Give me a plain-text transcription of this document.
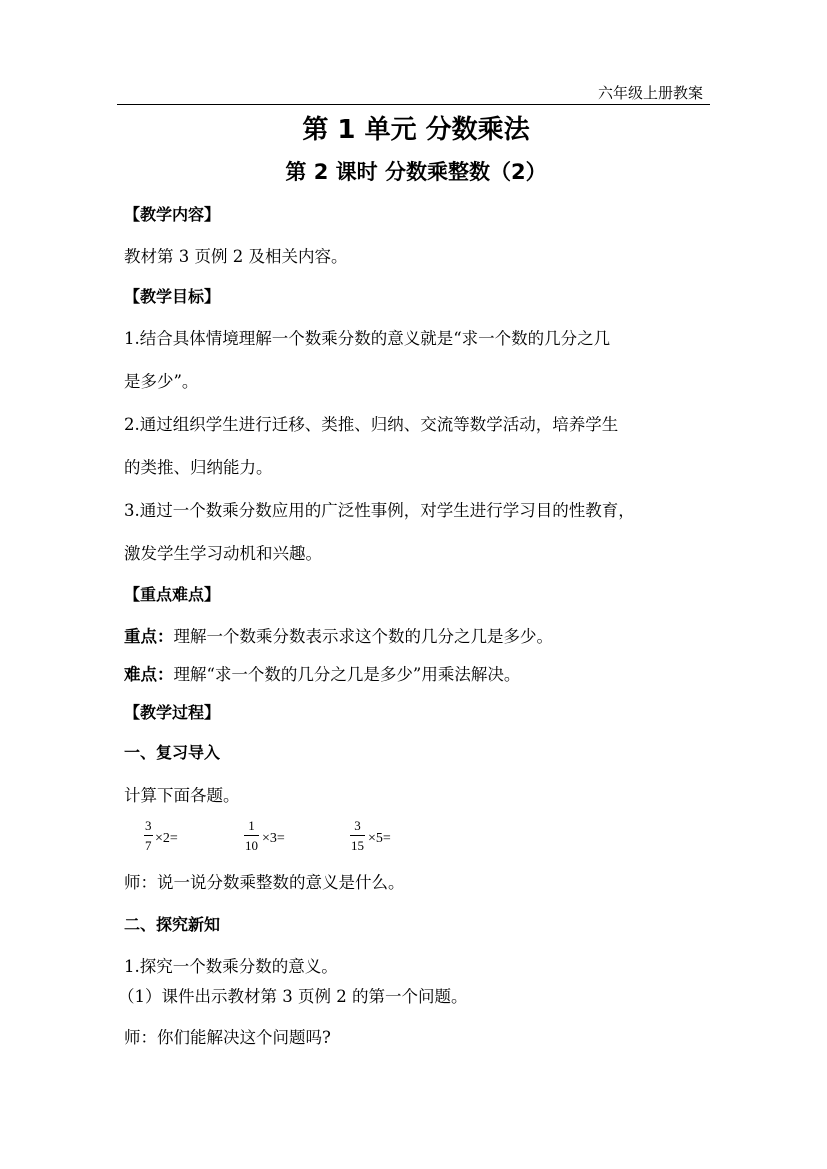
六年级上册教案
第 1 单元 分数乘法
第 2 课时 分数乘整数（2）
【教学内容】
教材第 3 页例 2 及相关内容。
【教学目标】
1.结合具体情境理解一个数乘分数的意义就是“求一个数的几分之几
是多少”。
2.通过组织学生进行迁移、类推、归纳、交流等数学活动，培养学生
的类推、归纳能力。
3.通过一个数乘分数应用的广泛性事例，对学生进行学习目的性教育，
激发学生学习动机和兴趣。
【重点难点】
重点：理解一个数乘分数表示求这个数的几分之几是多少。
难点：理解“求一个数的几分之几是多少”用乘法解决。
【教学过程】
一、复习导入
计算下面各题。
3
7 ×2=
1
10 ×3=
3
15 ×5=
师：说一说分数乘整数的意义是什么。
二、探究新知
1.探究一个数乘分数的意义。
（1）课件出示教材第 3 页例 2 的第一个问题。
师：你们能解决这个问题吗?
